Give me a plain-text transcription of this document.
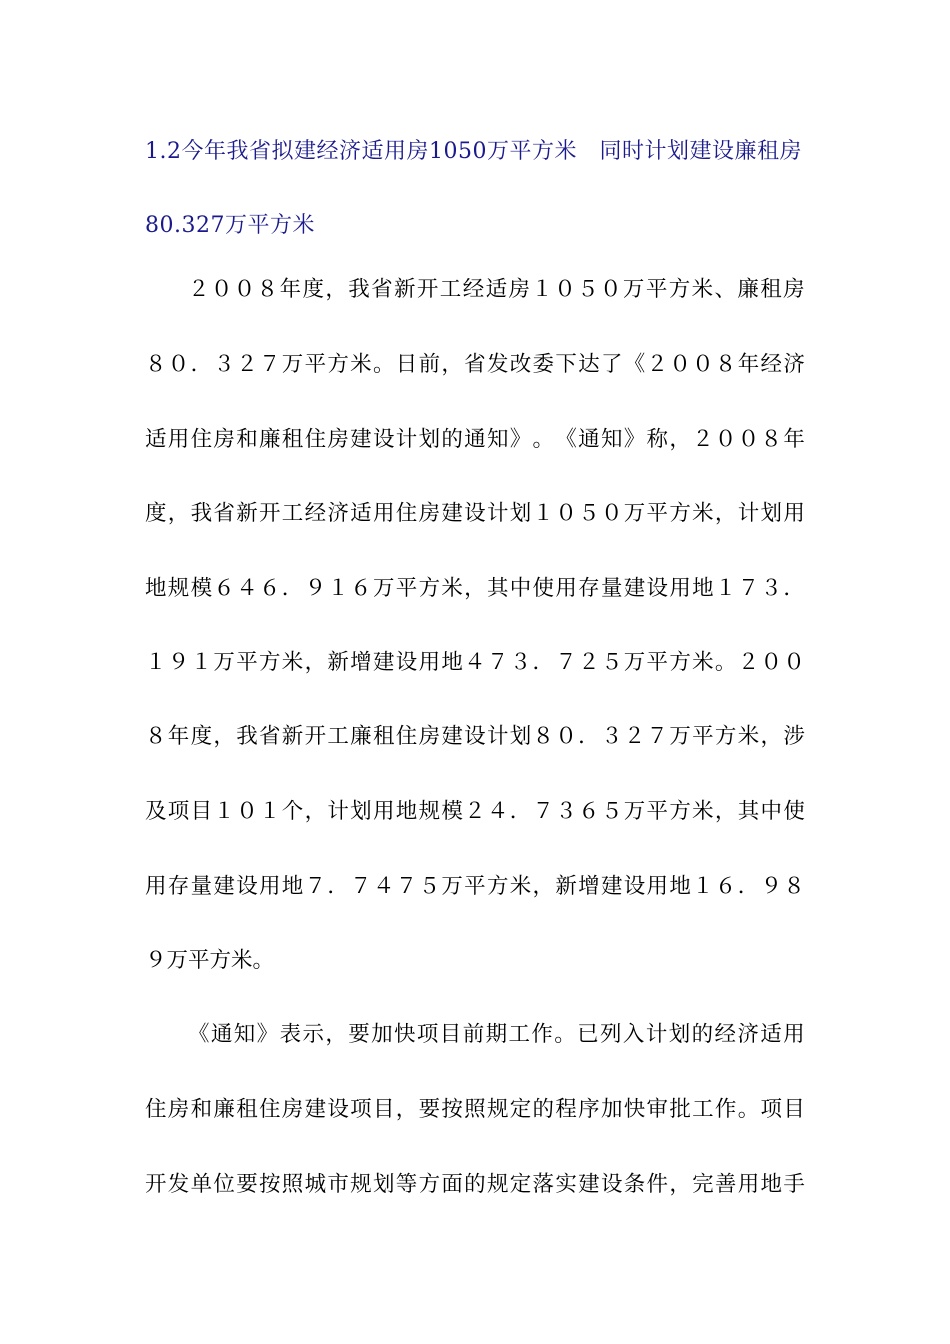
1.2今年我省拟建经济适用房1050万平方米　同时计划建设廉租房
80.327万平方米
２ ０ ０ ８ 年 度 ， 我 省 新 开 工 经 适 房 １ ０ ５ ０ 万 平 方 米 、 廉 租 房
８ ０ ． ３ ２ ７ 万 平 方 米 。 日 前 ， 省 发 改 委 下 达 了 《 ２ ０ ０ ８ 年 经 济
适 用 住 房 和 廉 租 住 房 建 设 计 划 的 通 知 》 。 《 通 知 》 称 ， ２ ０ ０ ８ 年
度 ， 我 省 新 开 工 经 济 适 用 住 房 建 设 计 划 １ ０ ５ ０ 万 平 方 米 ， 计 划 用
地 规 模 ６ ４ ６ ． ９ １ ６ 万 平 方 米 ， 其 中 使 用 存 量 建 设 用 地 １ ７ ３ ．
１ ９ １ 万 平 方 米 ， 新 增 建 设 用 地 ４ ７ ３ ． ７ ２ ５ 万 平 方 米 。 ２ ０ ０
８ 年 度 ， 我 省 新 开 工 廉 租 住 房 建 设 计 划 ８ ０ ． ３ ２ ７ 万 平 方 米 ， 涉
及 项 目 １ ０ １ 个 ， 计 划 用 地 规 模 ２ ４ ． ７ ３ ６ ５ 万 平 方 米 ， 其 中 使
用 存 量 建 设 用 地 ７ ． ７ ４ ７ ５ 万 平 方 米 ， 新 增 建 设 用 地 １ ６ ． ９ ８
９万平方米。
《 通 知 》 表 示 ， 要 加 快 项 目 前 期 工 作 。 已 列 入 计 划 的 经 济 适 用
住 房 和 廉 租 住 房 建 设 项 目 ， 要 按 照 规 定 的 程 序 加 快 审 批 工 作 。 项 目
开 发 单 位 要 按 照 城 市 规 划 等 方 面 的 规 定 落 实 建 设 条 件 ， 完 善 用 地 手
